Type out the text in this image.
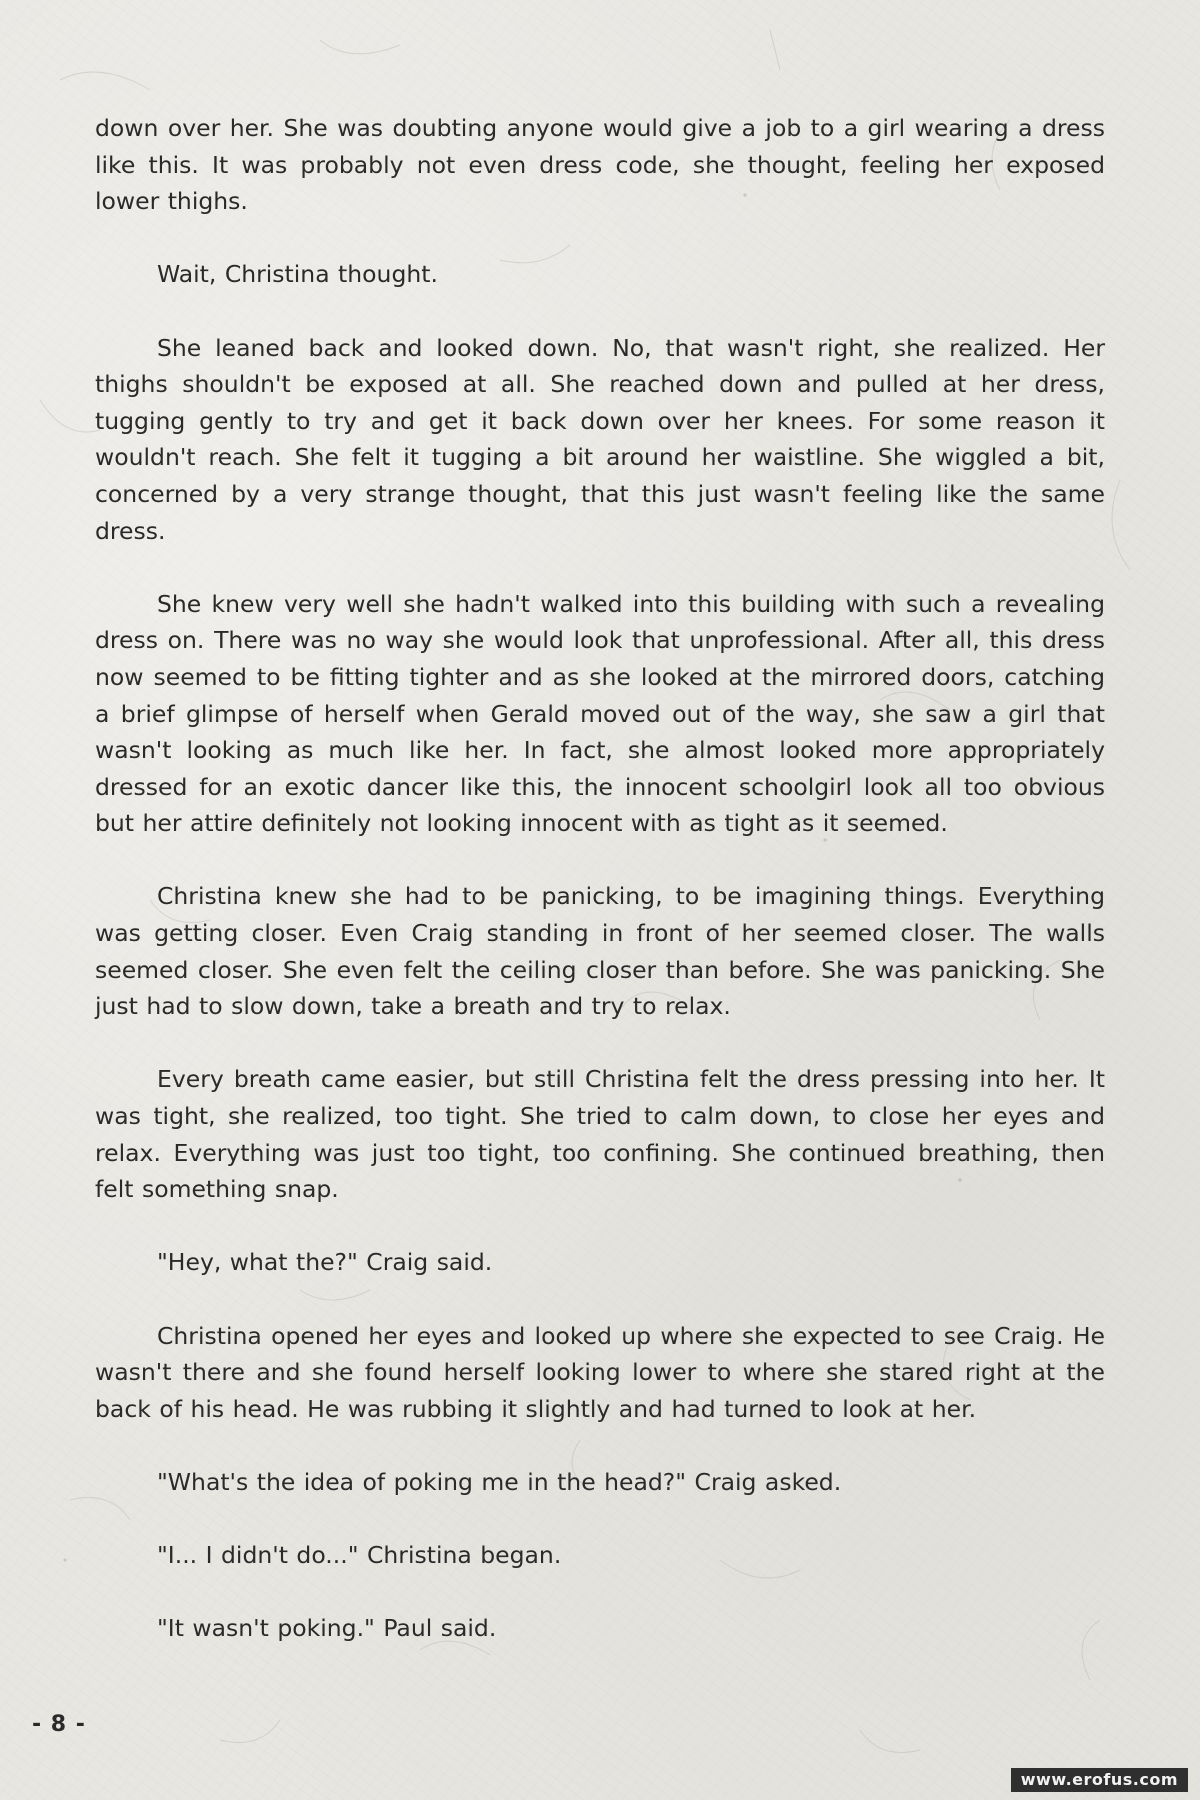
down over her. She was doubting anyone would give a job to a girl wearing a dress like this. It was probably not even dress code, she thought, feeling her exposed lower thighs.

Wait, Christina thought.

She leaned back and looked down. No, that wasn't right, she realized. Her thighs shouldn't be exposed at all. She reached down and pulled at her dress, tugging gently to try and get it back down over her knees. For some reason it wouldn't reach. She felt it tugging a bit around her waistline. She wiggled a bit, concerned by a very strange thought, that this just wasn't feeling like the same dress.

She knew very well she hadn't walked into this building with such a revealing dress on. There was no way she would look that unprofessional. After all, this dress now seemed to be fitting tighter and as she looked at the mirrored doors, catching a brief glimpse of herself when Gerald moved out of the way, she saw a girl that wasn't looking as much like her. In fact, she almost looked more appropriately dressed for an exotic dancer like this, the innocent schoolgirl look all too obvious but her attire definitely not looking innocent with as tight as it seemed.

Christina knew she had to be panicking, to be imagining things. Everything was getting closer. Even Craig standing in front of her seemed closer. The walls seemed closer. She even felt the ceiling closer than before. She was panicking. She just had to slow down, take a breath and try to relax.

Every breath came easier, but still Christina felt the dress pressing into her. It was tight, she realized, too tight. She tried to calm down, to close her eyes and relax. Everything was just too tight, too confining. She continued breathing, then felt something snap.

"Hey, what the?" Craig said.

Christina opened her eyes and looked up where she expected to see Craig. He wasn't there and she found herself looking lower to where she stared right at the back of his head. He was rubbing it slightly and had turned to look at her.

"What's the idea of poking me in the head?" Craig asked.

"I... I didn't do..." Christina began.

"It wasn't poking." Paul said.

- 8 -
www.erofus.com
